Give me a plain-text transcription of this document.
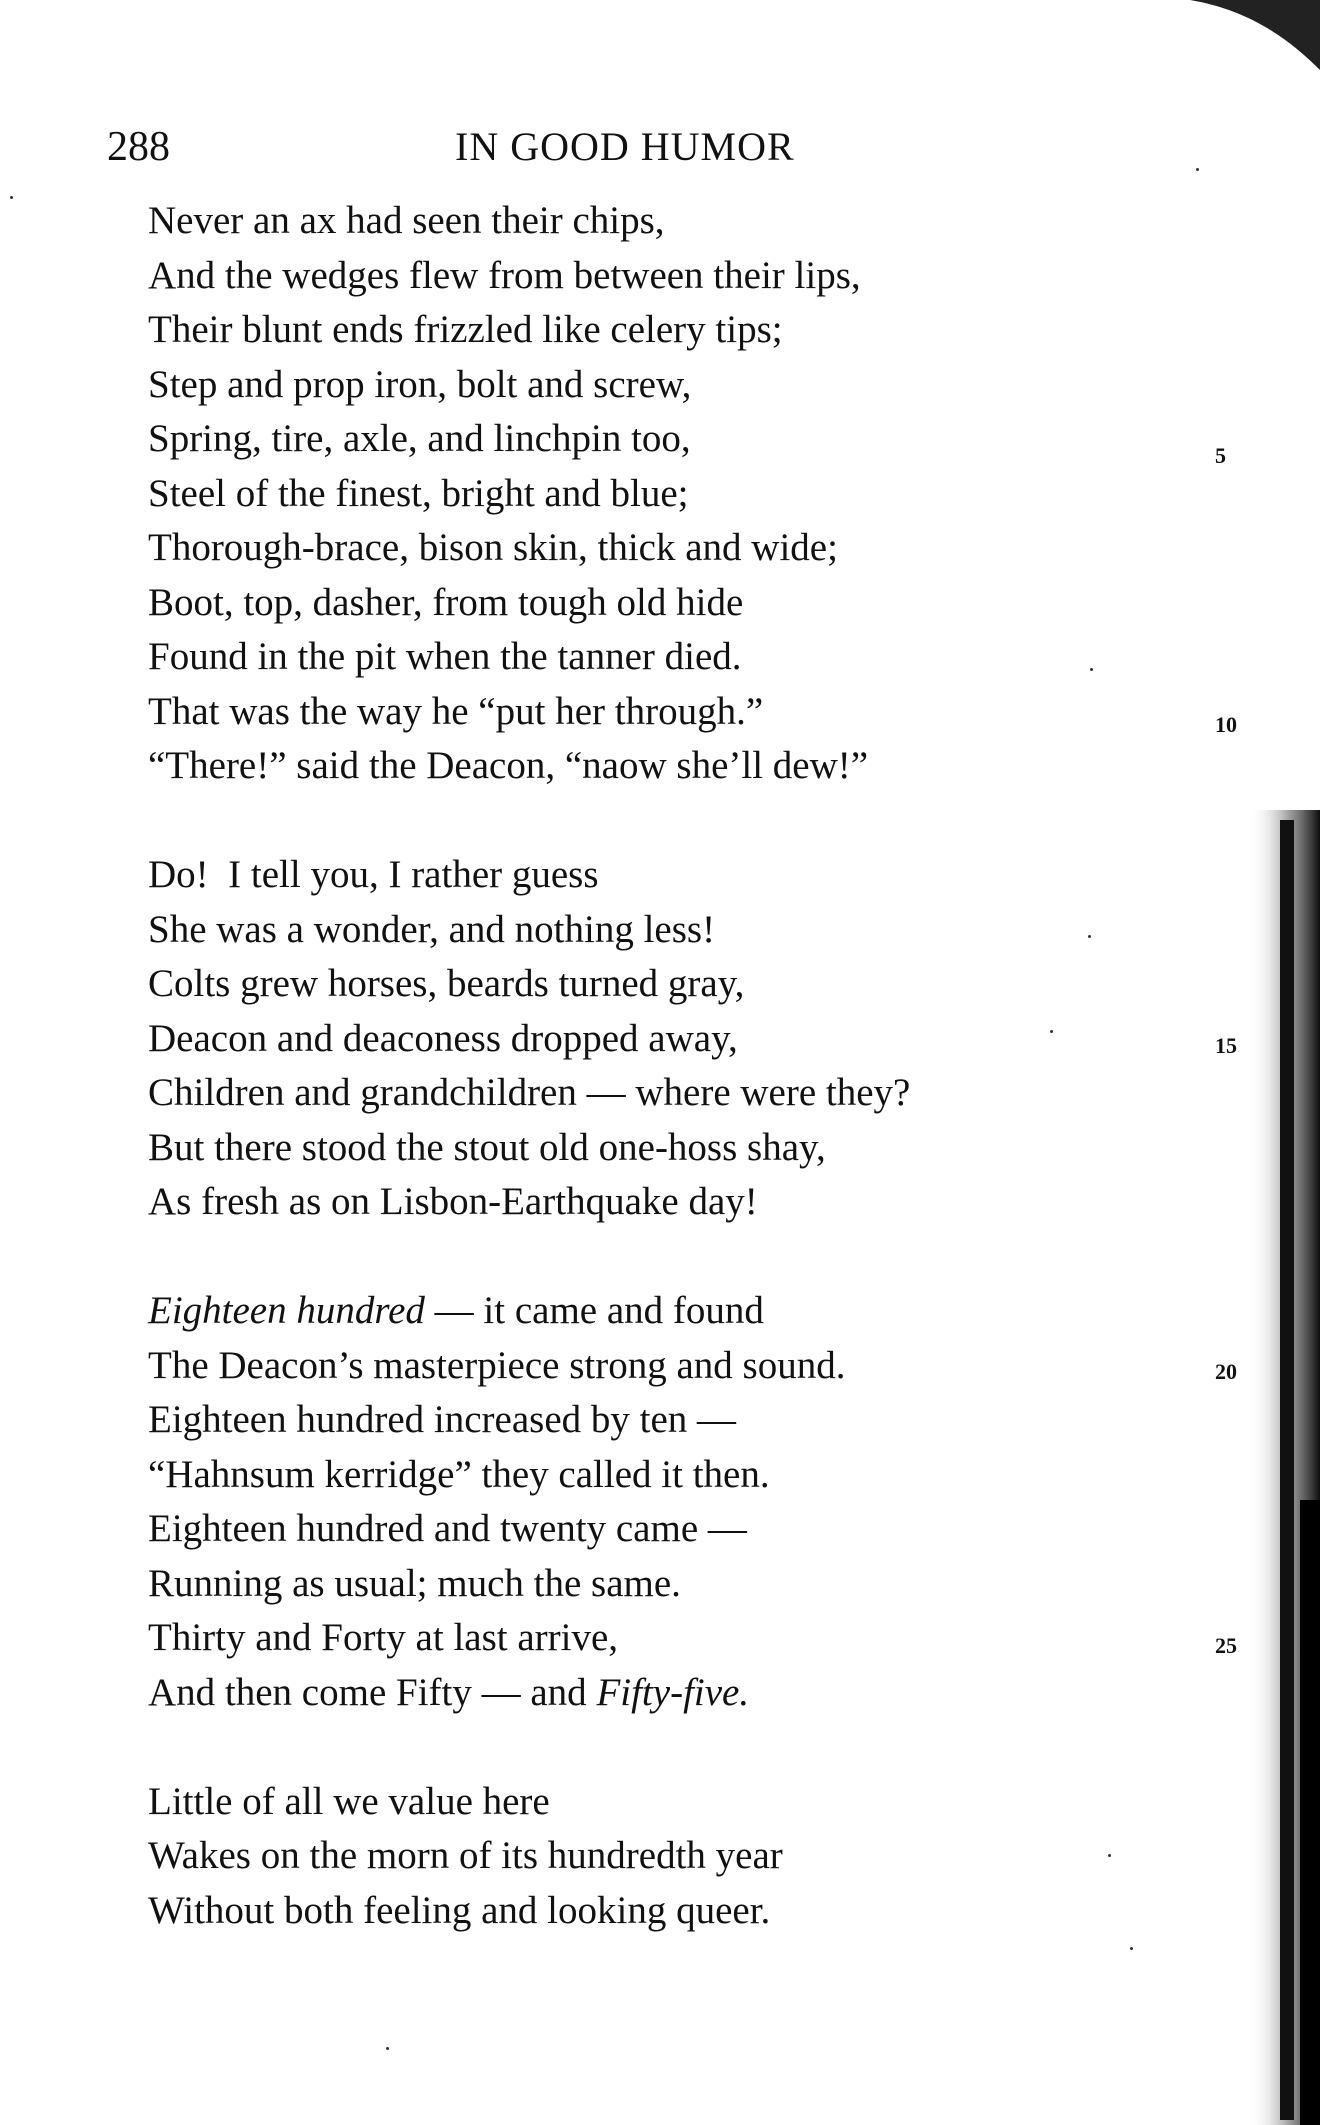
288	IN GOOD HUMOR
Never an ax had seen their chips,
And the wedges flew from between their lips,
Their blunt ends frizzled like celery tips;
Step and prop iron, bolt and screw,
Spring, tire, axle, and linchpin too,
Steel of the finest, bright and blue;
Thorough-brace, bison skin, thick and wide;
Boot, top, dasher, from tough old hide
Found in the pit when the tanner died.
That was the way he “put her through.”
“There!” said the Deacon, “naow she’ll dew!”
Do!  I tell you, I rather guess
She was a wonder, and nothing less!
Colts grew horses, beards turned gray,
Deacon and deaconess dropped away,
Children and grandchildren — where were they?
But there stood the stout old one-hoss shay,
As fresh as on Lisbon-Earthquake day!
Eighteen hundred — it came and found
The Deacon’s masterpiece strong and sound.
Eighteen hundred increased by ten —
“Hahnsum kerridge” they called it then.
Eighteen hundred and twenty came —
Running as usual; much the same.
Thirty and Forty at last arrive,
And then come Fifty — and Fifty-five.
Little of all we value here
Wakes on the morn of its hundredth year
Without both feeling and looking queer.
5
10
15
20
25
